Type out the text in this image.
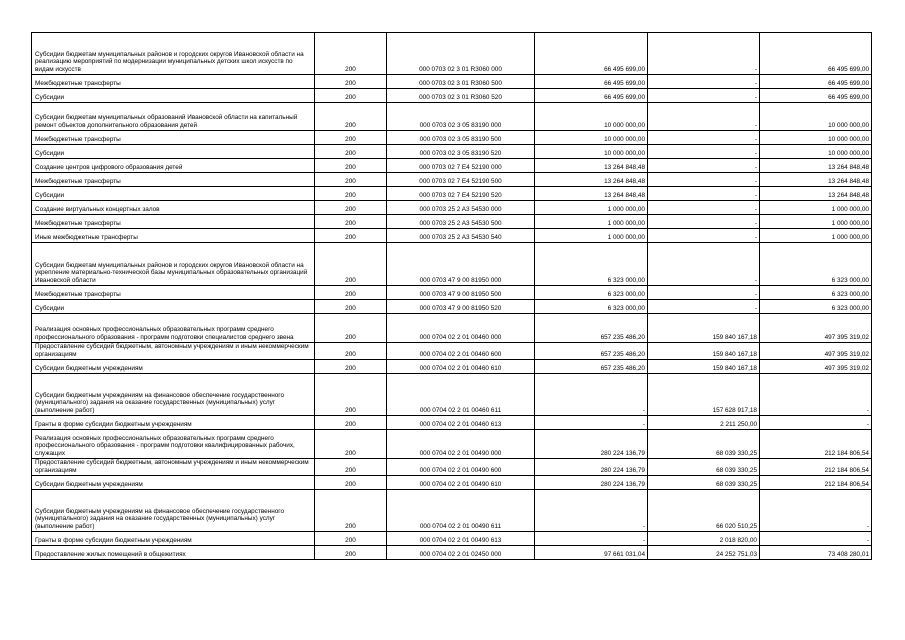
Субсидии бюджетам муниципальных районов и городских округов Ивановской области на реализацию мероприятий по модернизации муниципальных детских школ искусств по видам искусств	200	000 0703 02 3 01 R3060 000	66 495 699,00	-	66 495 699,00
Межбюджетные трансферты	200	000 0703 02 3 01 R3060 500	66 495 699,00	-	66 495 699,00
Субсидии	200	000 0703 02 3 01 R3060 520	66 495 699,00	-	66 495 699,00
Субсидии бюджетам муниципальных образований Ивановской области на капитальный ремонт объектов дополнительного образования детей	200	000 0703 02 3 05 83190 000	10 000 000,00	-	10 000 000,00
Межбюджетные трансферты	200	000 0703 02 3 05 83190 500	10 000 000,00	-	10 000 000,00
Субсидии	200	000 0703 02 3 05 83190 520	10 000 000,00	-	10 000 000,00
Создание центров цифрового образования детей	200	000 0703 02 7 E4 52190 000	13 264 848,48	-	13 264 848,48
Межбюджетные трансферты	200	000 0703 02 7 E4 52190 500	13 264 848,48	-	13 264 848,48
Субсидии	200	000 0703 02 7 E4 52190 520	13 264 848,48	-	13 264 848,48
Создание виртуальных концертных залов	200	000 0703 25 2 A3 54530 000	1 000 000,00	-	1 000 000,00
Межбюджетные трансферты	200	000 0703 25 2 A3 54530 500	1 000 000,00	-	1 000 000,00
Иные межбюджетные трансферты	200	000 0703 25 2 A3 54530 540	1 000 000,00	-	1 000 000,00
Субсидии бюджетам муниципальных районов и городских округов Ивановской области на укрепление материально-технической базы муниципальных образовательных организаций Ивановской области	200	000 0703 47 9 00 81950 000	6 323 000,00	-	6 323 000,00
Межбюджетные трансферты	200	000 0703 47 9 00 81950 500	6 323 000,00	-	6 323 000,00
Субсидии	200	000 0703 47 9 00 81950 520	6 323 000,00	-	6 323 000,00
Реализация основных профессиональных образовательных программ среднего профессионального образования - программ подготовки специалистов среднего звена	200	000 0704 02 2 01 00460 000	657 235 486,20	159 840 167,18	497 395 319,02
Предоставление субсидий бюджетным, автономным учреждениям и иным некоммерческим организациям	200	000 0704 02 2 01 00460 600	657 235 486,20	159 840 167,18	497 395 319,02
Субсидии бюджетным учреждениям	200	000 0704 02 2 01 00460 610	657 235 486,20	159 840 167,18	497 395 319,02
Субсидии бюджетным учреждениям на финансовое обеспечение государственного (муниципального) задания на оказание государственных (муниципальных) услуг (выполнение работ)	200	000 0704 02 2 01 00460 611	-	157 628 917,18	-
Гранты в форме субсидии бюджетным учреждениям	200	000 0704 02 2 01 00460 613	-	2 211 250,00	-
Реализация основных профессиональных образовательных программ среднего профессионального образования - программ подготовки квалифицированных рабочих, служащих	200	000 0704 02 2 01 00490 000	280 224 136,79	68 039 330,25	212 184 806,54
Предоставление субсидий бюджетным, автономным учреждениям и иным некоммерческим организациям	200	000 0704 02 2 01 00490 600	280 224 136,79	68 039 330,25	212 184 806,54
Субсидии бюджетным учреждениям	200	000 0704 02 2 01 00490 610	280 224 136,79	68 039 330,25	212 184 806,54
Субсидии бюджетным учреждениям на финансовое обеспечение государственного (муниципального) задания на оказание государственных (муниципальных) услуг (выполнение работ)	200	000 0704 02 2 01 00490 611	-	66 020 510,25	-
Гранты в форме субсидии бюджетным учреждениям	200	000 0704 02 2 01 00490 613	-	2 018 820,00	-
Предоставление жилых помещений в общежитиях	200	000 0704 02 2 01 02450 000	97 661 031,04	24 252 751,03	73 408 280,01
